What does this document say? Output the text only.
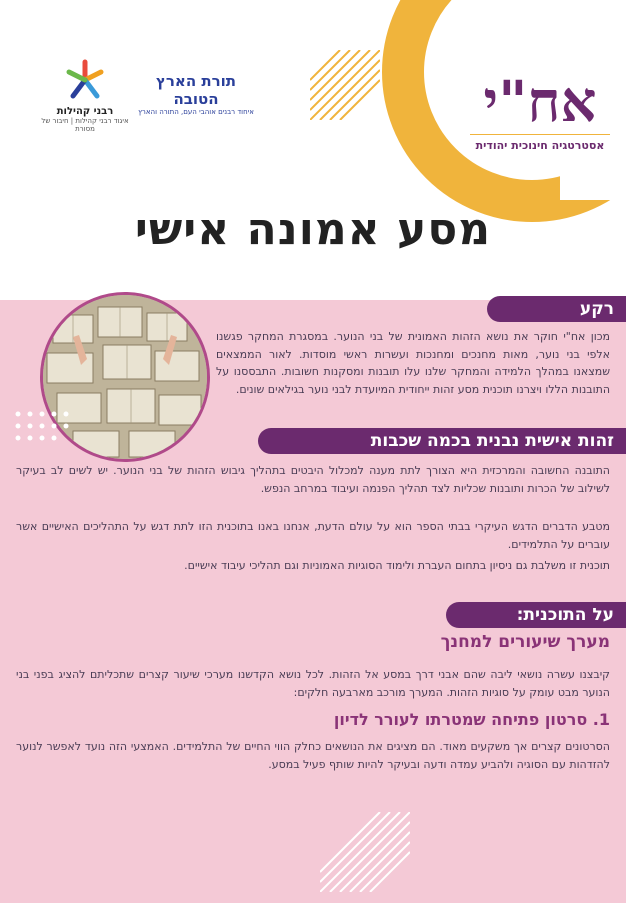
אח"י
אסטרטגיה חינוכית יהודית
רבני קהילות
איגוד רבני קהילות | חיבור של מסורת
תורת הארץ הטובה
איחוד רבנים אוהבי העם, התורה והארץ
מסע אמונה אישי
רקע
מכון אח"י חוקר את נושא הזהות האמונית של בני הנוער. במסגרת המחקר פגשנו אלפי בני נוער, מאות מחנכים ומחנכות ועשרות ראשי מוסדות. לאור הממצאים שמצאנו במהלך הלמידה והמחקר שלנו עלו תובנות ומסקנות חשובות. התבססנו על התובנות הללו ויצרנו תוכנית מסע זהות ייחודית המיועדת לבני נוער בגילאים שונים.
זהות אישית נבנית בכמה שכבות
התובנה החשובה והמרכזית היא הצורך לתת מענה למכלול היבטים בתהליך גיבוש הזהות של בני הנוער. יש לשים לב בעיקר לשילוב של הכרות ותובנות שכליות לצד תהליך הפנמה ועיבוד במרחב הנפש.
מטבע הדברים הדגש העיקרי בבתי הספר הוא על עולם הדעת, אנחנו באנו בתוכנית הזו לתת דגש על התהליכים האישיים אשר עוברים על התלמידים.
תוכנית זו משלבת גם ניסיון בתחום העברת ולימוד הסוגיות האמוניות וגם תהליכי עיבוד אישיים.
על התוכנית:
מערך שיעורים למחנך
קיבצנו עשרה נושאי ליבה שהם אבני דרך במסע אל הזהות. לכל נושא הקדשנו מערכי שיעור קצרים שתכליתם להציג בפני בני הנוער מבט עומק על סוגיות הזהות. המערך מורכב מארבעה חלקים:
1. סרטון פתיחה שמטרתו לעורר לדיון
הסרטונים קצרים אך משקעים מאוד. הם מציגים את הנושאים כחלק הווי החיים של התלמידים. האמצעי הזה נועד לאפשר לנוער להזדהות עם הסוגיה ולהביע עמדה ודעה ובעיקר להיות שותף פעיל במסע.
